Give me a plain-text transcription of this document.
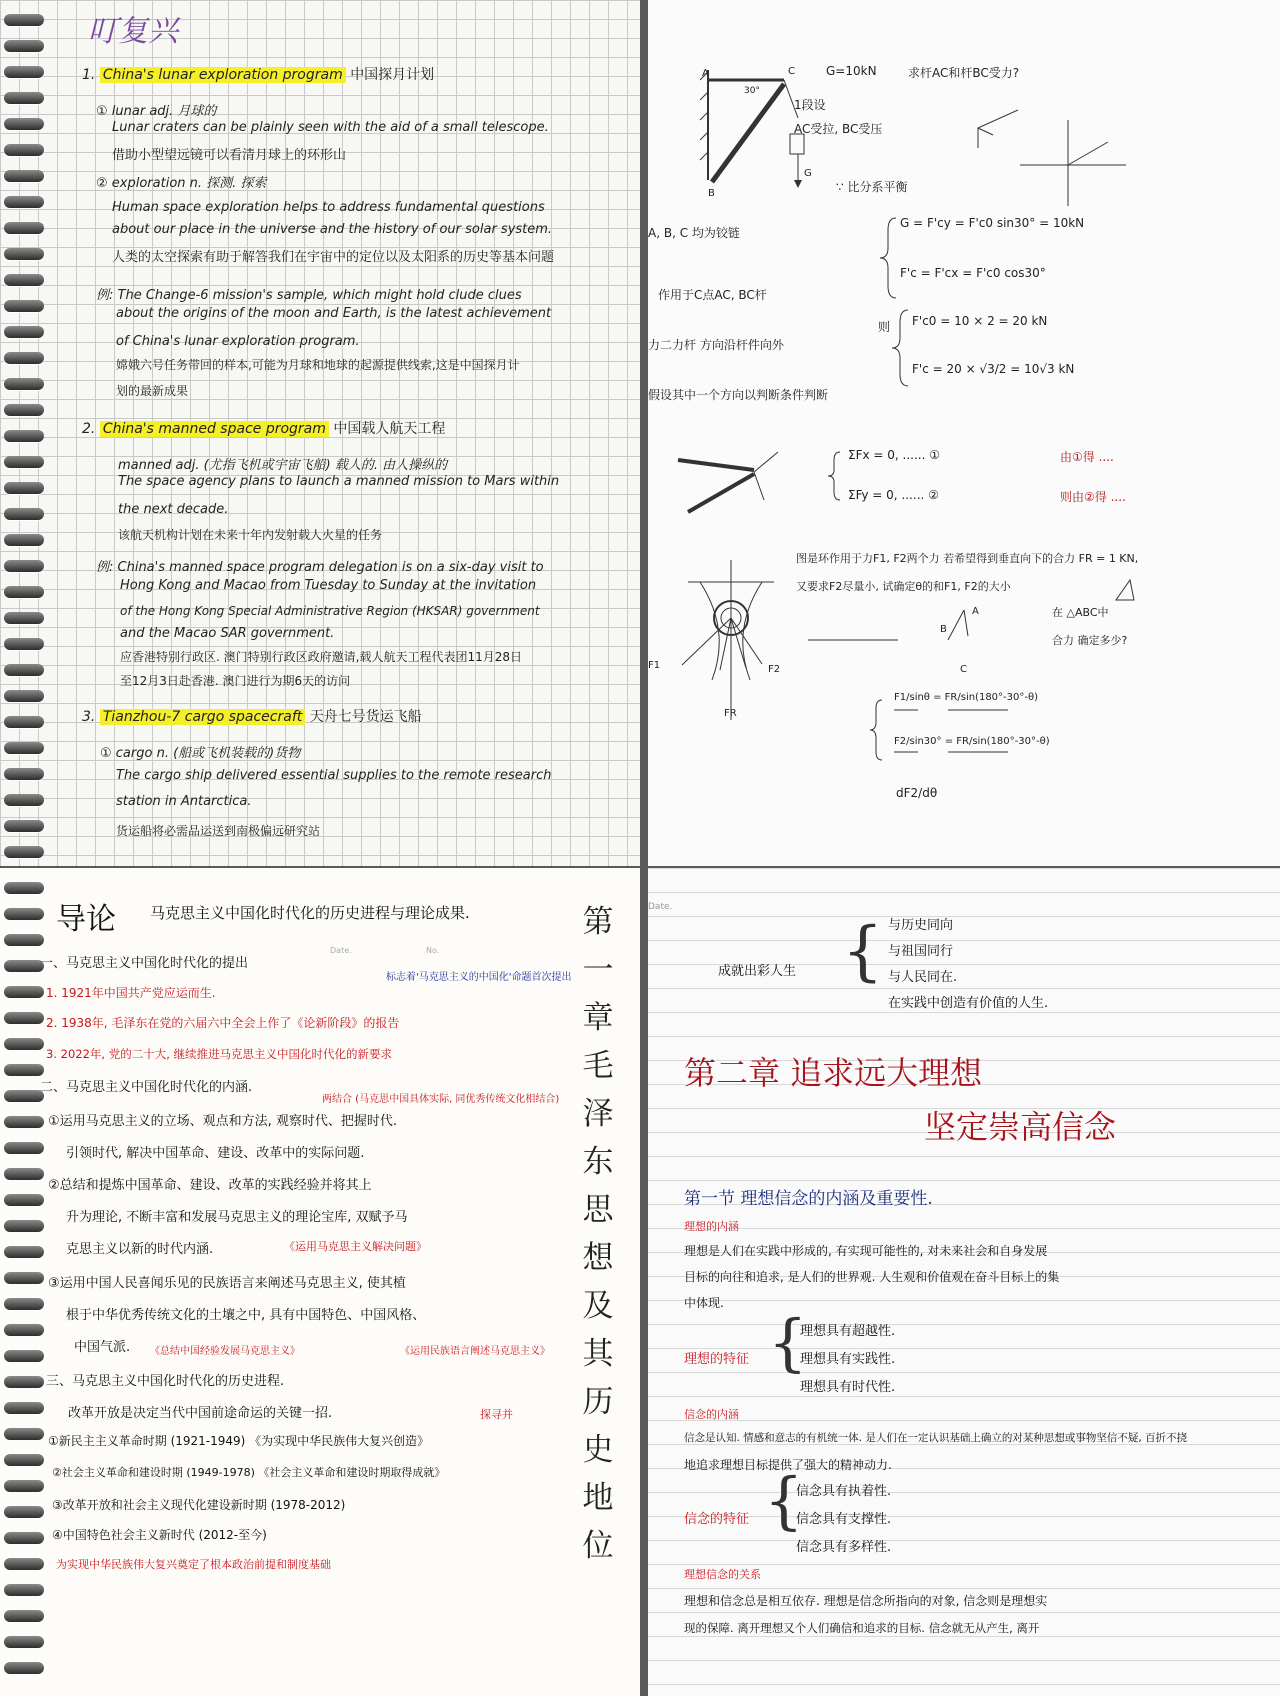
叮复兴
1. China's lunar exploration program 中国探月计划
① lunar adj. 月球的
Lunar craters can be plainly seen with the aid of a small telescope.
借助小型望远镜可以看清月球上的环形山
② exploration n. 探测. 探索
Human space exploration helps to address fundamental questions
about our place in the universe and the history of our solar system.
人类的太空探索有助于解答我们在宇宙中的定位以及太阳系的历史等基本问题
例: The Change-6 mission's sample, which might hold clude clues
about the origins of the moon and Earth, is the latest achievement
of China's lunar exploration program.
嫦娥六号任务带回的样本,可能为月球和地球的起源提供线索,这是中国探月计
划的最新成果
2. China's manned space program 中国载人航天工程
manned adj. (尤指飞机或宇宙飞船) 载人的. 由人操纵的
The space agency plans to launch a manned mission to Mars within
the next decade.
该航天机构计划在未来十年内发射载人火星的任务
例: China's manned space program delegation is on a six-day visit to
Hong Kong and Macao from Tuesday to Sunday at the invitation
of the Hong Kong Special Administrative Region (HKSAR) government
and the Macao SAR government.
应香港特别行政区. 澳门特别行政区政府邀请,载人航天工程代表团11月28日
至12月3日赴香港. 澳门进行为期6天的访问
3. Tianzhou-7 cargo spacecraft 天舟七号货运飞船
① cargo n. (船或飞机装载的)货物
The cargo ship delivered essential supplies to the remote research
station in Antarctica.
货运船将必需品运送到南极偏远研究站
G=10kN	求杆AC和杆BC受力?
A	C
B
30°
G
1段设
AC受拉, BC受压
A, B, C 均为铰链
∵ 比分系平衡
作用于C点AC, BC杆
力二力杆 方向沿杆件向外
假设其中一个方向以判断条件判断
G = F'cy = F'c0 sin30° = 10kN
F'c = F'cx = F'c0 cos30°
则 F'c0 = 10 × 2 = 20 kN
F'c = 20 × √3/2 = 10√3 kN
ΣFx = 0, ...... ①
ΣFy = 0, ...... ②
由①得 ....
则由②得 ....
图是环作用于力F1, F2两个力 若希望得到垂直向下的合力 FR = 1 KN,
又要求F2尽量小, 试确定θ的和F1, F2的大小
在 △ABC中
合力 确定多少?
F1/sinθ = FR/sin(180°-30°-θ)
F2/sin30° = FR/sin(180°-30°-θ)
dF2/dθ
F1	F2
FR
A
B
C
导论 马克思主义中国化时代化的历史进程与理论成果.
Date.	No.
第一章 毛泽东思想及其历史地位
一、马克思主义中国化时代化的提出
1. 1921年中国共产党应运而生.
2. 1938年, 毛泽东在党的六届六中全会上作了《论新阶段》的报告
3. 2022年, 党的二十大, 继续推进马克思主义中国化时代化的新要求
二、马克思主义中国化时代化的内涵.
①运用马克思主义的立场、观点和方法, 观察时代、把握时代.
引领时代, 解决中国革命、建设、改革中的实际问题.
②总结和提炼中国革命、建设、改革的实践经验并将其上
升为理论, 不断丰富和发展马克思主义的理论宝库, 双赋予马
克思主义以新的时代内涵.
③运用中国人民喜闻乐见的民族语言来阐述马克思主义, 使其植
根于中华优秀传统文化的土壤之中, 具有中国特色、中国风格、
中国气派.
三、马克思主义中国化时代化的历史进程.
改革开放是决定当代中国前途命运的关键一招.
①新民主主义革命时期 (1921-1949) 《为实现中华民族伟大复兴创造》
②社会主义革命和建设时期 (1949-1978) 《社会主义革命和建设时期取得成就》
③改革开放和社会主义现代化建设新时期 (1978-2012)
④中国特色社会主义新时代 (2012-至今)
为实现中华民族伟大复兴奠定了根本政治前提和制度基础
标志着'马克思主义的中国化'命题首次提出
两结合 (马克思中国具体实际, 同优秀传统文化相结合)
《运用马克思主义解决问题》
《总结中国经验发展马克思主义》	《运用民族语言阐述马克思主义》
探寻并
Date.
成就出彩人生 { 与历史同向
与祖国同行
与人民同在.
在实践中创造有价值的人生.
第二章 追求远大理想
坚定崇高信念
第一节 理想信念的内涵及重要性.
理想的内涵
理想是人们在实践中形成的, 有实现可能性的, 对未来社会和自身发展
目标的向往和追求, 是人们的世界观. 人生观和价值观在奋斗目标上的集
中体现.
理想的特征 {
理想具有超越性.
理想具有实践性.
理想具有时代性.
信念的内涵
信念是认知. 情感和意志的有机统一体. 是人们在一定认识基础上确立的对某种思想或事物坚信不疑, 百折不挠
地追求理想目标提供了强大的精神动力.
信念的特征 {
信念具有执着性.
信念具有支撑性.
信念具有多样性.
理想信念的关系
理想和信念总是相互依存. 理想是信念所指向的对象, 信念则是理想实
现的保障. 离开理想又个人们确信和追求的目标. 信念就无从产生, 离开
